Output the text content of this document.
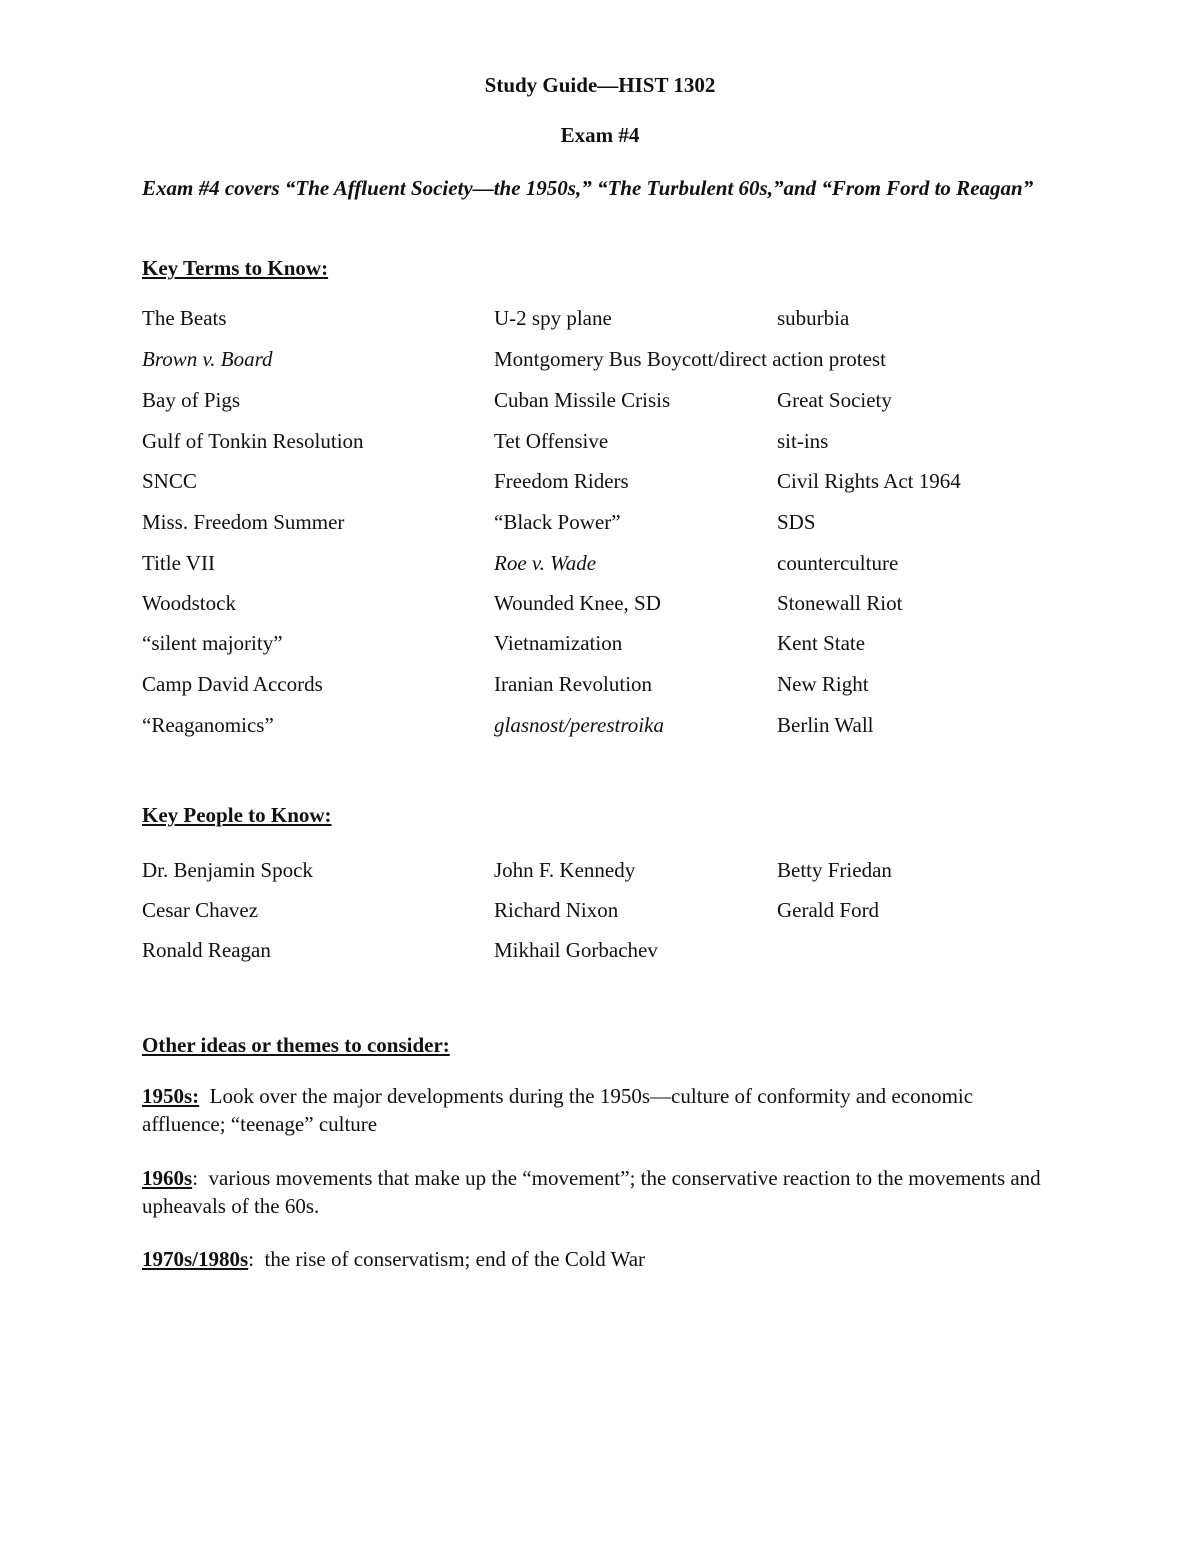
Study Guide—HIST 1302
Exam #4
Exam #4 covers “The Affluent Society—the 1950s,” “The Turbulent 60s,”and “From Ford to Reagan”
Key Terms to Know:
The Beats	U-2 spy plane	suburbia
Brown v. Board	Montgomery Bus Boycott/direct action protest
Bay of Pigs	Cuban Missile Crisis	Great Society
Gulf of Tonkin Resolution	Tet Offensive	sit-ins
SNCC	Freedom Riders	Civil Rights Act 1964
Miss. Freedom Summer	“Black Power”	SDS
Title VII	Roe v. Wade	counterculture
Woodstock	Wounded Knee, SD	Stonewall Riot
“silent majority”	Vietnamization	Kent State
Camp David Accords	Iranian Revolution	New Right
“Reaganomics”	glasnost/perestroika	Berlin Wall
Key People to Know:
Dr. Benjamin Spock	John F. Kennedy	Betty Friedan
Cesar Chavez	Richard Nixon	Gerald Ford
Ronald Reagan	Mikhail Gorbachev
Other ideas or themes to consider:
1950s: Look over the major developments during the 1950s—culture of conformity and economic affluence; “teenage” culture
1960s:  various movements that make up the “movement”; the conservative reaction to the movements and upheavals of the 60s.
1970s/1980s:  the rise of conservatism; end of the Cold War
